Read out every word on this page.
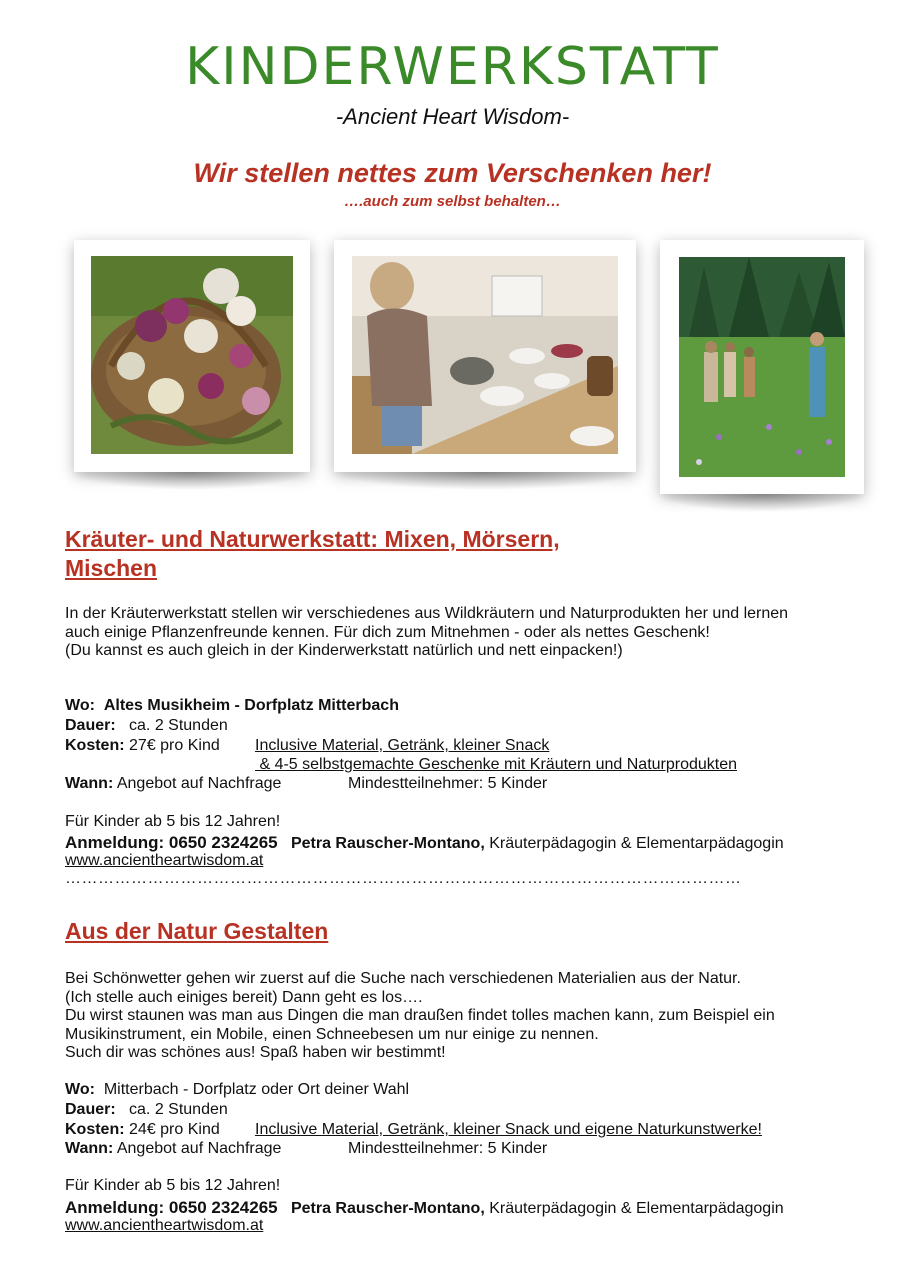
KINDERWERKSTATT
-Ancient Heart Wisdom-
Wir stellen nettes zum Verschenken her!
….auch zum selbst behalten…
Kräuter- und Naturwerkstatt: Mixen, Mörsern,
Mischen
In der Kräuterwerkstatt stellen wir verschiedenes aus Wildkräutern und Naturprodukten her und lernen
auch einige Pflanzenfreunde kennen. Für dich zum Mitnehmen - oder als nettes Geschenk!
(Du kannst es auch gleich in der Kinderwerkstatt natürlich und nett einpacken!)
Wo: Altes Musikheim - Dorfplatz Mitterbach
Dauer: ca. 2 Stunden
Kosten: 27€ pro Kind Inclusive Material, Getränk, kleiner Snack
& 4-5 selbstgemachte Geschenke mit Kräutern und Naturprodukten
Wann: Angebot auf Nachfrage	Mindestteilnehmer: 5 Kinder
Für Kinder ab 5 bis 12 Jahren!
Anmeldung: 0650 2324265 Petra Rauscher-Montano, Kräuterpädagogin & Elementarpädagogin
www.ancientheartwisdom.at
……………………………………………………………………………………………………………
Aus der Natur Gestalten
Bei Schönwetter gehen wir zuerst auf die Suche nach verschiedenen Materialien aus der Natur.
(Ich stelle auch einiges bereit) Dann geht es los….
Du wirst staunen was man aus Dingen die man draußen findet tolles machen kann, zum Beispiel ein
Musikinstrument, ein Mobile, einen Schneebesen um nur einige zu nennen.
Such dir was schönes aus! Spaß haben wir bestimmt!
Wo: Mitterbach - Dorfplatz oder Ort deiner Wahl
Dauer: ca. 2 Stunden
Kosten: 24€ pro Kind Inclusive Material, Getränk, kleiner Snack und eigene Naturkunstwerke!
Wann: Angebot auf Nachfrage	Mindestteilnehmer: 5 Kinder
Für Kinder ab 5 bis 12 Jahren!
Anmeldung: 0650 2324265 Petra Rauscher-Montano, Kräuterpädagogin & Elementarpädagogin
www.ancientheartwisdom.at
